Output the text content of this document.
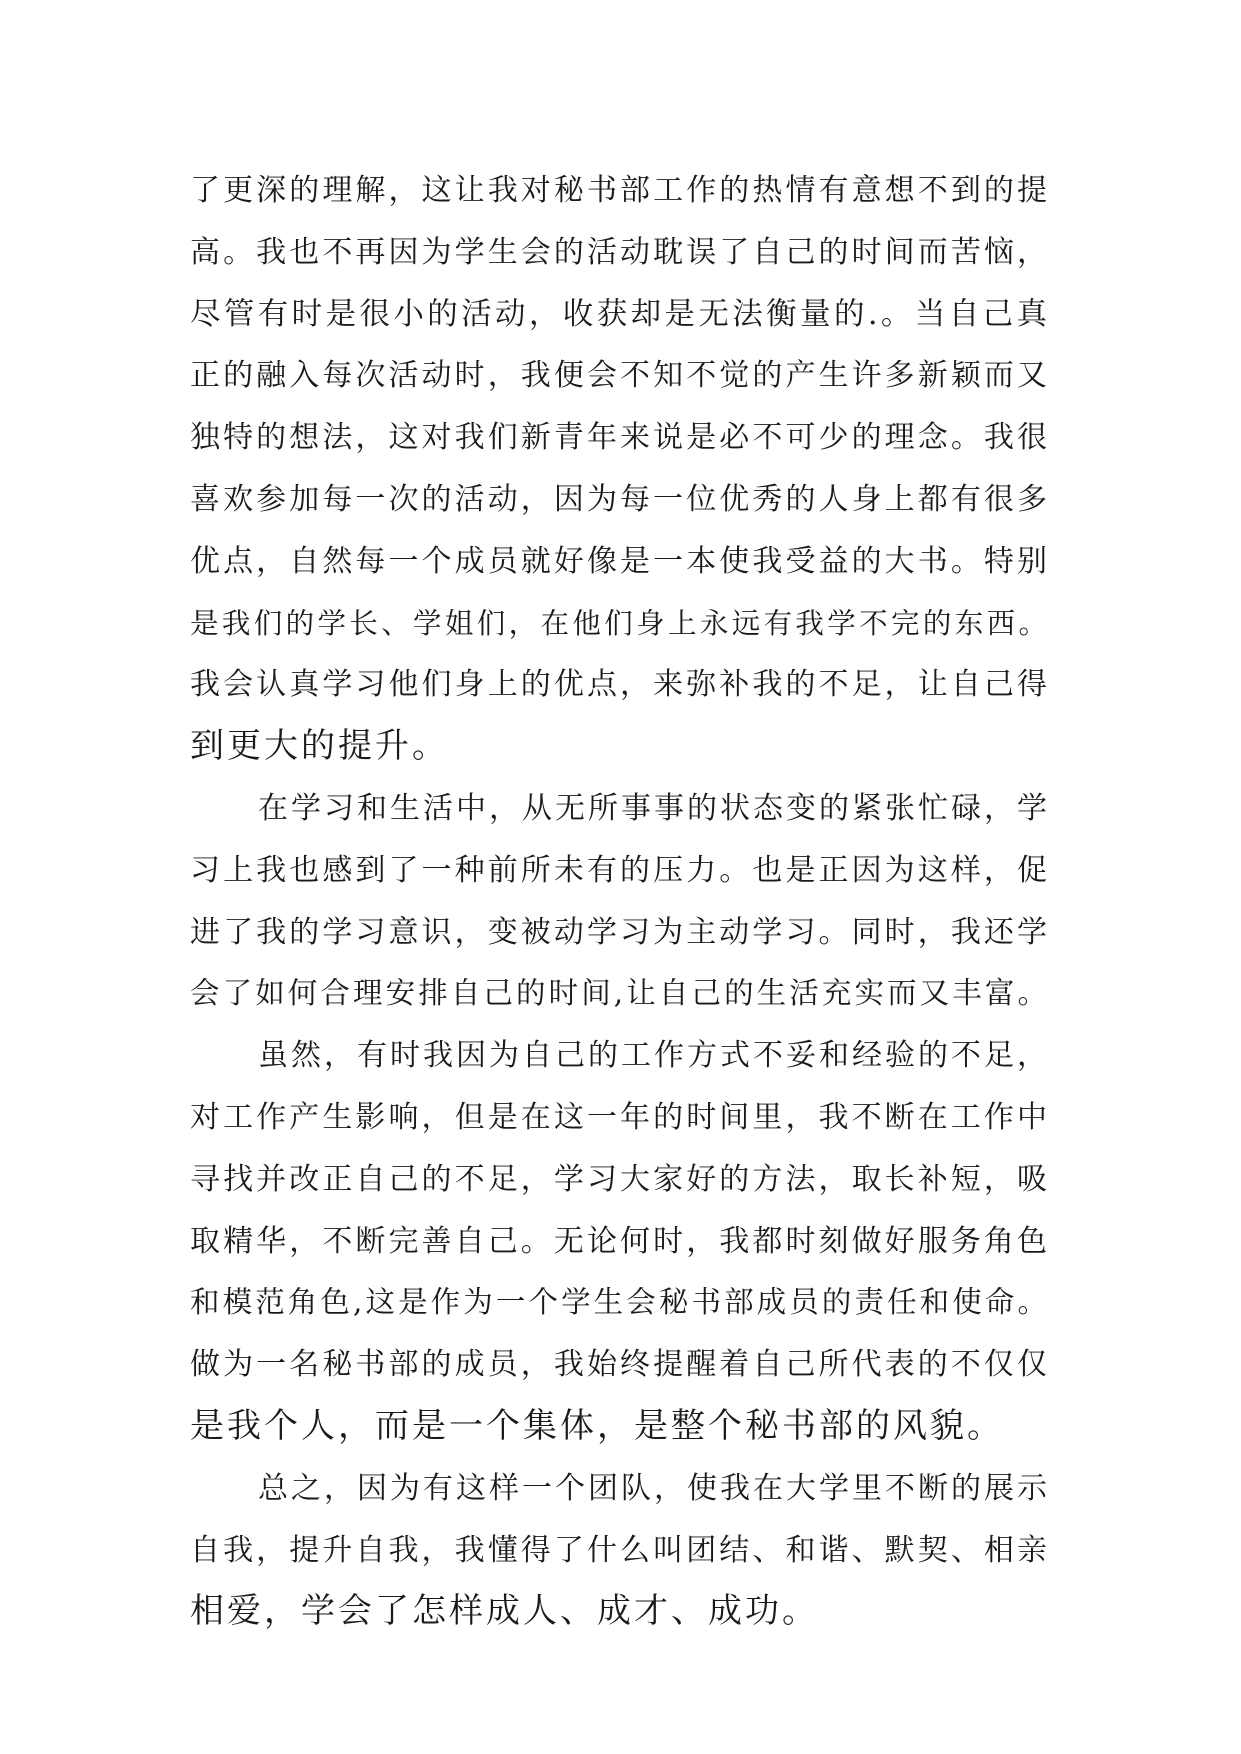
了更深的理解，这让我对秘书部工作的热情有意想不到的提
高。我也不再因为学生会的活动耽误了自己的时间而苦恼，
尽管有时是很小的活动，收获却是无法衡量的.。当自己真
正的融入每次活动时，我便会不知不觉的产生许多新颖而又
独特的想法，这对我们新青年来说是必不可少的理念。我很
喜欢参加每一次的活动，因为每一位优秀的人身上都有很多
优点，自然每一个成员就好像是一本使我受益的大书。特别
是我们的学长、学姐们，在他们身上永远有我学不完的东西。
我会认真学习他们身上的优点，来弥补我的不足，让自己得
到更大的提升。
在学习和生活中，从无所事事的状态变的紧张忙碌，学
习上我也感到了一种前所未有的压力。也是正因为这样，促
进了我的学习意识，变被动学习为主动学习。同时，我还学
会了如何合理安排自己的时间,让自己的生活充实而又丰富。
虽然，有时我因为自己的工作方式不妥和经验的不足，
对工作产生影响，但是在这一年的时间里，我不断在工作中
寻找并改正自己的不足，学习大家好的方法，取长补短，吸
取精华，不断完善自己。无论何时，我都时刻做好服务角色
和模范角色,这是作为一个学生会秘书部成员的责任和使命。
做为一名秘书部的成员，我始终提醒着自己所代表的不仅仅
是我个人，而是一个集体，是整个秘书部的风貌。
总之，因为有这样一个团队，使我在大学里不断的展示
自我，提升自我，我懂得了什么叫团结、和谐、默契、相亲
相爱，学会了怎样成人、成才、成功。
